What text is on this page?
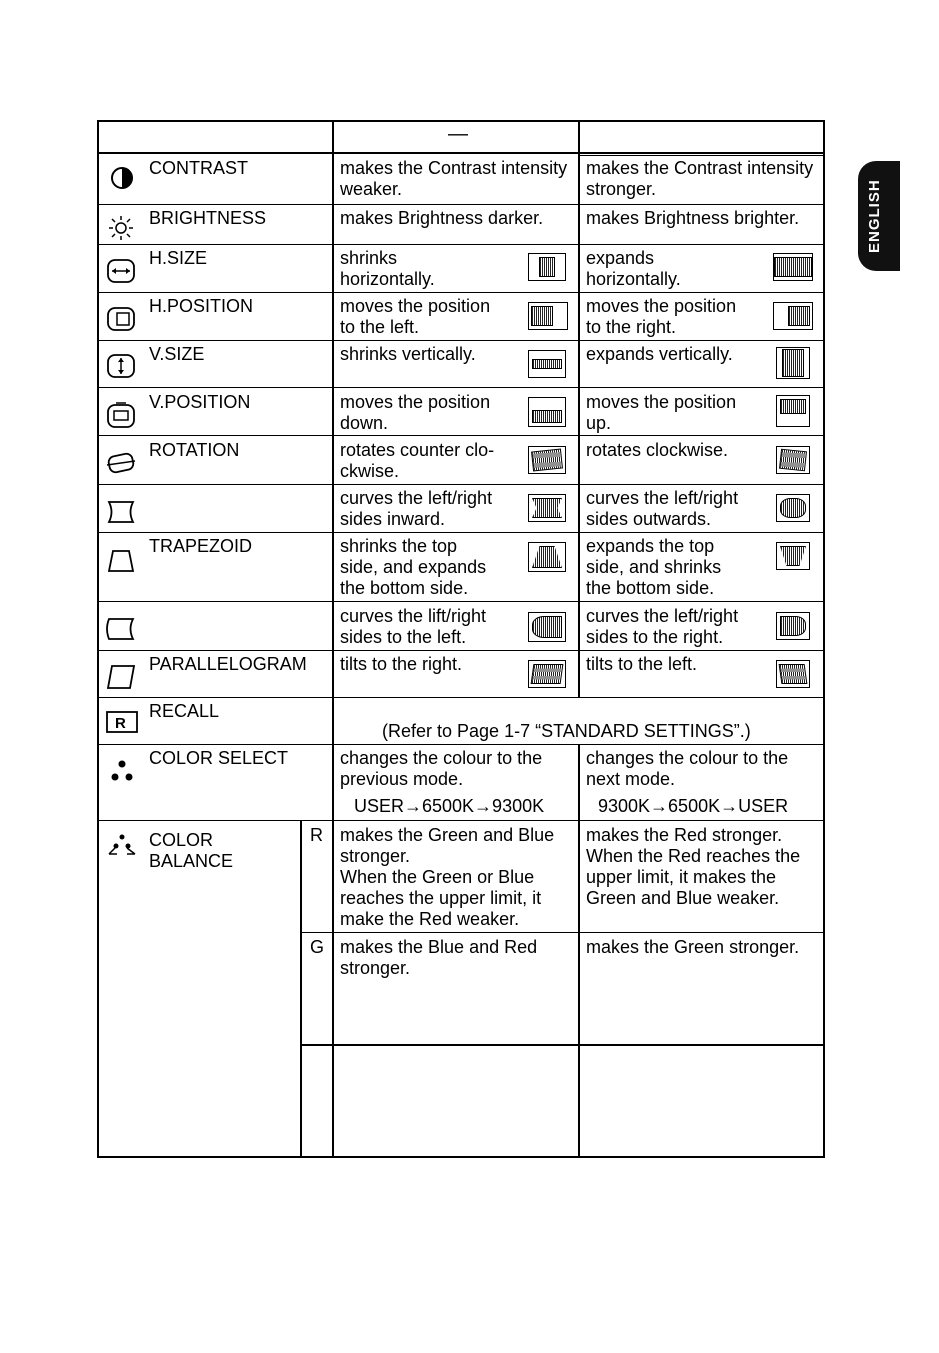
ENGLISH
—
R
CONTRAST
BRIGHTNESS
H.SIZE
H.POSITION
V.SIZE
V.POSITION
ROTATION
TRAPEZOID
PARALLELOGRAM
RECALL
COLOR SELECT
COLOR
BALANCE
makes the Contrast intensity weaker.
makes Brightness darker.
shrinks
horizontally.
moves the position
to the left.
shrinks vertically.
moves the position
down.
rotates counter clo-
ckwise.
curves the left/right
sides inward.
shrinks the top
side, and expands
the bottom side.
curves the lift/right
sides to the left.
tilts to the right.
changes the colour to the previous mode.
USER→6500K→9300K
makes the Green and Blue stronger.
When the Green or Blue reaches the upper limit, it make the Red weaker.
makes the Blue and Red stronger.
(Refer to Page 1-7 “STANDARD SETTINGS”.)
makes the Contrast intensity stronger.
makes Brightness brighter.
expands
horizontally.
moves the position
to the right.
expands vertically.
moves the position
up.
rotates clockwise.
curves the left/right
sides outwards.
expands the top
side, and shrinks
the bottom side.
curves the left/right
sides to the right.
tilts to the left.
changes the colour to the next mode.
9300K→6500K→USER
makes the Red stronger. When the Red reaches the upper limit, it makes the Green and Blue weaker.
makes the Green stronger.
R
G
